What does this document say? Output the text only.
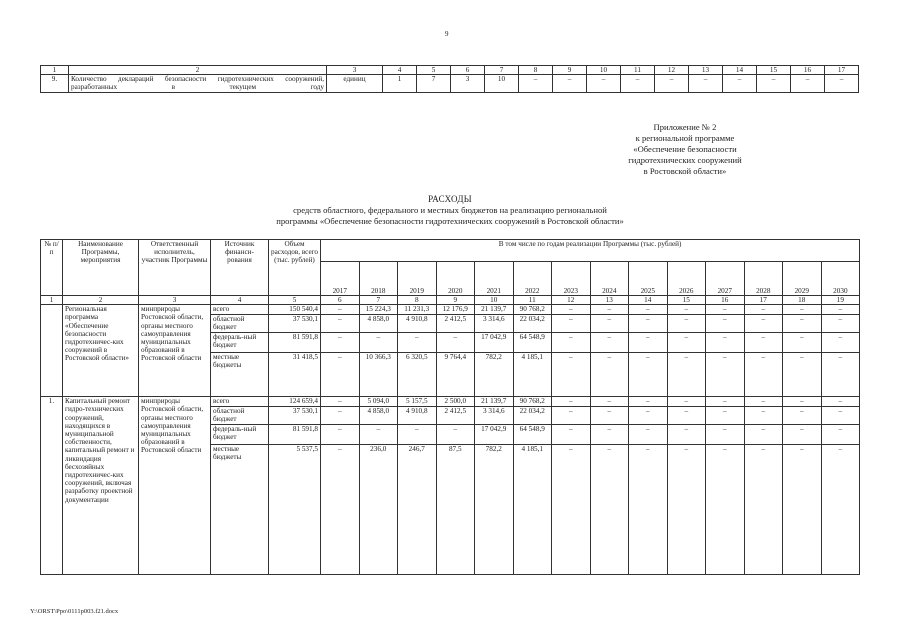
9
1	2	3	4	5	6	7	8	9	10	11	12	13	14	15	16	17
9.	Количество деклараций безопасности гидротехнических сооружений, разработанных в текущем году	единиц	1	7	3	10	–	–	–	–	–	–	–	–	–	–
Приложение № 2
к региональной программе
«Обеспечение безопасности
гидротехнических сооружений
в Ростовской области»
РАСХОДЫ
средств областного, федерального и местных бюджетов на реализацию региональной
программы «Обеспечение безопасности гидротехнических сооружений в Ростовской области»
№ п/п	Наименование Программы, мероприятия	Ответственный исполнитель, участник Программы	Источник финанси-рования	Объем расходов, всего (тыс. рублей)	В том числе по годам реализации Программы (тыс. рублей)													
					2017	2018	2019	2020	2021	2022	2023	2024	2025	2026	2027	2028	2029	2030
1	2	3	4	5	6	7	8	9	10	11	12	13	14	15	16	17	18	19
	Региональная программа «Обеспечение безопасности гидротехничес-ких сооружений в Ростовской области»	минприроды Ростовской области, органы местного самоуправления муниципальных образований в Ростовской области	всего	150 540,4	–	15 224,3	11 231,3	12 176,9	21 139,7	90 768,2	–	–	–	–	–	–	–	–
			областной бюджет	37 530,1	–	4 858,0	4 910,8	2 412,5	3 314,6	22 034,2	–	–	–	–	–	–	–	–
			федераль-ный бюджет	81 591,8	–	–	–	–	17 042,9	64 548,9	–	–	–	–	–	–	–	–
			местные бюджеты	31 418,5	–	10 366,3	6 320,5	9 764,4	782,2	4 185,1	–	–	–	–	–	–	–	–
1.	Капитальный ремонт гидро-технических сооружений, находящихся в муниципальной собственности, капитальный ремонт и ликвидация бесхозяйных гидротехничес-ких сооружений, включая разработку проектной документации	минприроды Ростовской области, органы местного самоуправления муниципальных образований в Ростовской области	всего	124 659,4	–	5 094,0	5 157,5	2 500,0	21 139,7	90 768,2	–	–	–	–	–	–	–	–
			областной бюджет	37 530,1	–	4 858,0	4 910,8	2 412,5	3 314,6	22 034,2	–	–	–	–	–	–	–	–
			федераль-ный бюджет	81 591,8	–	–	–	–	17 042,9	64 548,9	–	–	–	–	–	–	–	–
			местные бюджеты	5 537,5	–	236,0	246,7	87,5	782,2	4 185,1	–	–	–	–	–	–	–	–
Y:\ORST\Ppo\0111p003.f21.docx
